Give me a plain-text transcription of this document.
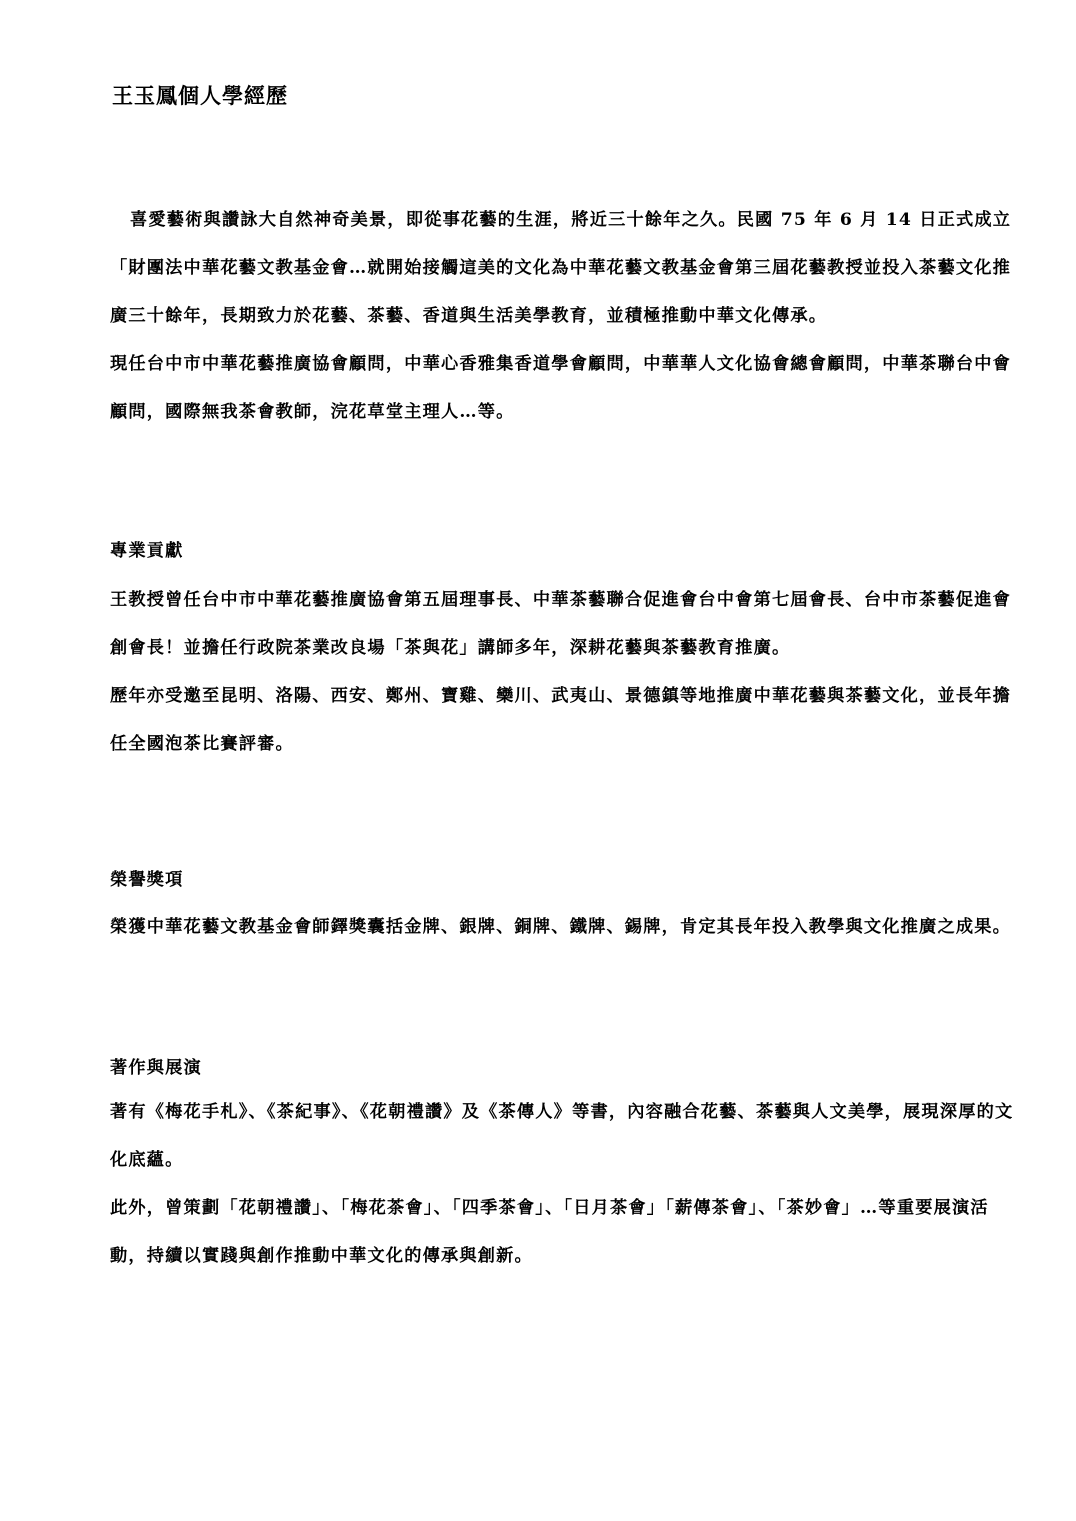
王玉鳳個人學經歷

喜愛藝術與讚詠大自然神奇美景，即從事花藝的生涯，將近三十餘年之久。民國 75 年 6 月 14 日正式成立「財團法中華花藝文教基金會…就開始接觸這美的文化為中華花藝文教基金會第三屆花藝教授並投入茶藝文化推廣三十餘年，長期致力於花藝、茶藝、香道與生活美學教育，並積極推動中華文化傳承。

現任台中市中華花藝推廣協會顧問，中華心香雅集香道學會顧問，中華華人文化協會總會顧問，中華茶聯台中會顧問，國際無我茶會教師，浣花草堂主理人…等。

專業貢獻

王教授曾任台中市中華花藝推廣協會第五屆理事長、中華茶藝聯合促進會台中會第七屆會長、台中市茶藝促進會創會長！並擔任行政院茶業改良場「茶與花」講師多年，深耕花藝與茶藝教育推廣。

歷年亦受邀至昆明、洛陽、西安、鄭州、寶雞、欒川、武夷山、景德鎮等地推廣中華花藝與茶藝文化，並長年擔任全國泡茶比賽評審。

榮譽獎項

榮獲中華花藝文教基金會師鐸獎囊括金牌、銀牌、銅牌、鐵牌、錫牌，肯定其長年投入教學與文化推廣之成果。

著作與展演

著有《梅花手札》、《茶紀事》、《花朝禮讚》及《茶傳人》等書，內容融合花藝、茶藝與人文美學，展現深厚的文化底蘊。

此外，曾策劃「花朝禮讚」、「梅花茶會」、「四季茶會」、「日月茶會」「薪傳茶會」、「茶妙會」…等重要展演活動，持續以實踐與創作推動中華文化的傳承與創新。
